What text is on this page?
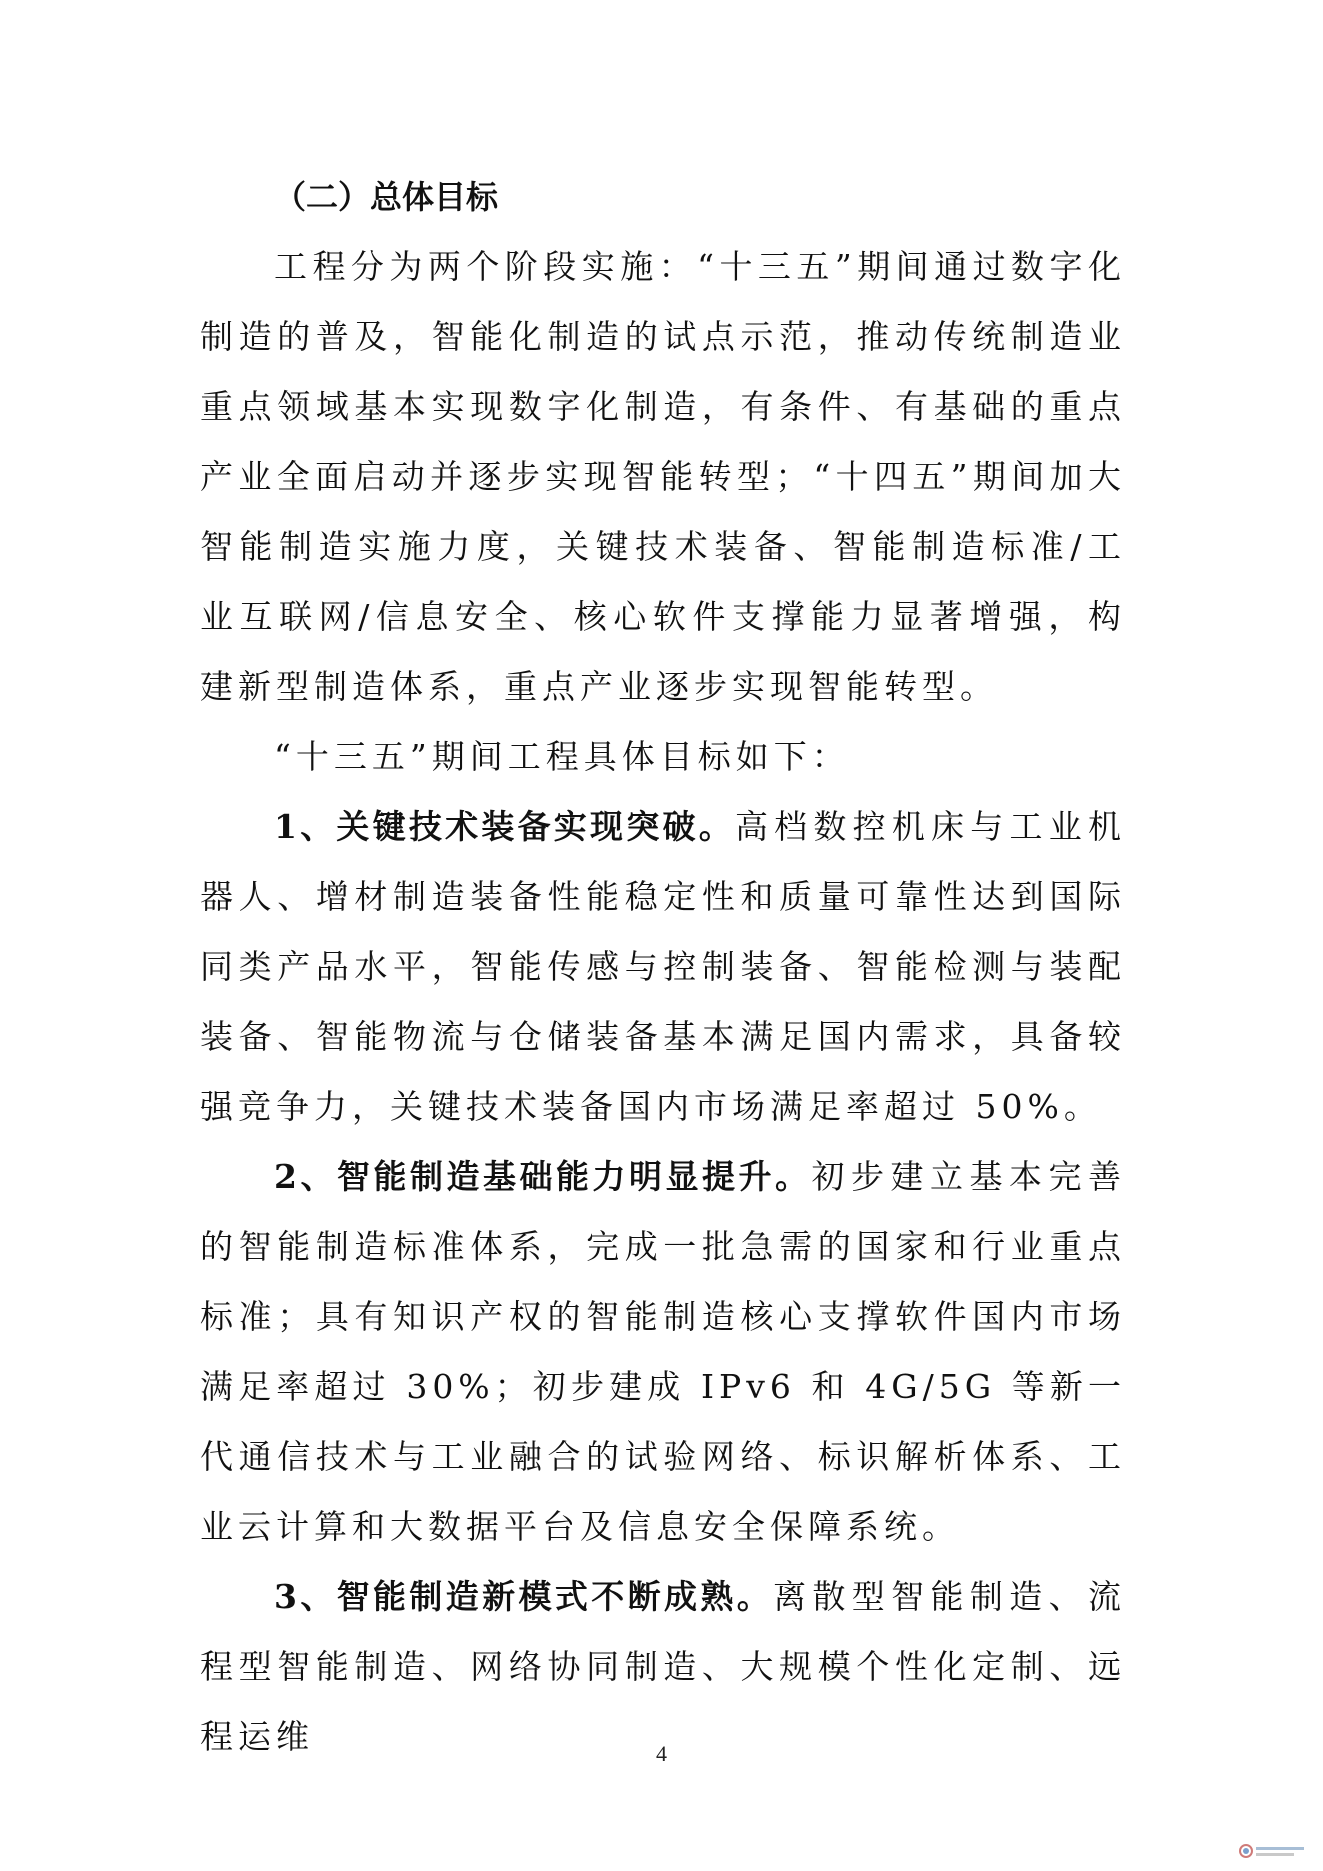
（二）总体目标

工程分为两个阶段实施：“十三五”期间通过数字化制造的普及，智能化制造的试点示范，推动传统制造业重点领域基本实现数字化制造，有条件、有基础的重点产业全面启动并逐步实现智能转型；“十四五”期间加大智能制造实施力度，关键技术装备、智能制造标准/工业互联网/信息安全、核心软件支撑能力显著增强，构建新型制造体系，重点产业逐步实现智能转型。

“十三五”期间工程具体目标如下：

1、关键技术装备实现突破。高档数控机床与工业机器人、增材制造装备性能稳定性和质量可靠性达到国际同类产品水平，智能传感与控制装备、智能检测与装配装备、智能物流与仓储装备基本满足国内需求，具备较强竞争力，关键技术装备国内市场满足率超过 50%。

2、智能制造基础能力明显提升。初步建立基本完善的智能制造标准体系，完成一批急需的国家和行业重点标准；具有知识产权的智能制造核心支撑软件国内市场满足率超过 30%；初步建成 IPv6 和 4G/5G 等新一代通信技术与工业融合的试验网络、标识解析体系、工业云计算和大数据平台及信息安全保障系统。

3、智能制造新模式不断成熟。离散型智能制造、流程型智能制造、网络协同制造、大规模个性化定制、远程运维	4
